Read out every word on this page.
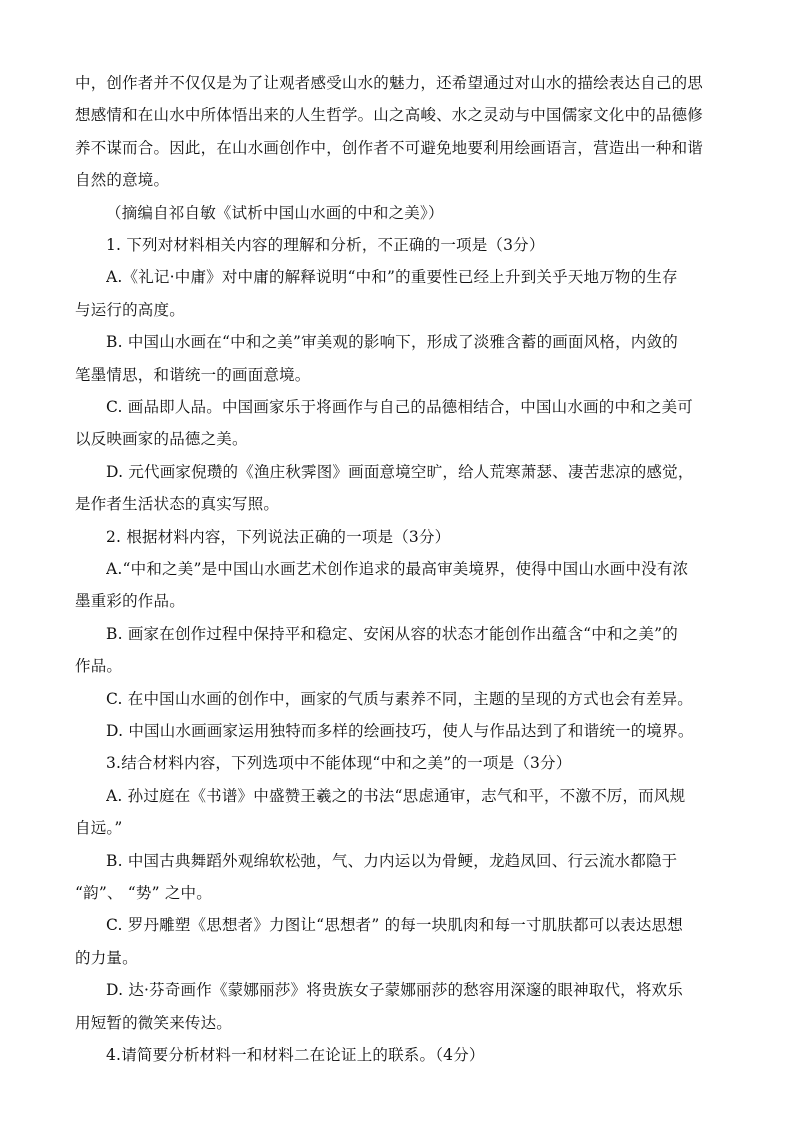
中，创作者并不仅仅是为了让观者感受山水的魅力，还希望通过对山水的描绘表达自己的思
想感情和在山水中所体悟出来的人生哲学。山之高峻、水之灵动与中国儒家文化中的品德修
养不谋而合。因此，在山水画创作中，创作者不可避免地要利用绘画语言，营造出一种和谐
自然的意境。
（摘编自祁自敏《试析中国山水画的中和之美》）
1. 下列对材料相关内容的理解和分析，不正确的一项是（3分）
A.《礼记·中庸》对中庸的解释说明“中和”的重要性已经上升到关乎天地万物的生存
与运行的高度。
B. 中国山水画在“中和之美”审美观的影响下，形成了淡雅含蓄的画面风格，内敛的
笔墨情思，和谐统一的画面意境。
C. 画品即人品。中国画家乐于将画作与自己的品德相结合，中国山水画的中和之美可
以反映画家的品德之美。
D. 元代画家倪瓒的《渔庄秋霁图》画面意境空旷，给人荒寒萧瑟、凄苦悲凉的感觉，
是作者生活状态的真实写照。
2. 根据材料内容，下列说法正确的一项是（3分）
A.“中和之美”是中国山水画艺术创作追求的最高审美境界，使得中国山水画中没有浓
墨重彩的作品。
B. 画家在创作过程中保持平和稳定、安闲从容的状态才能创作出蕴含“中和之美”的
作品。
C. 在中国山水画的创作中，画家的气质与素养不同，主题的呈现的方式也会有差异。
D. 中国山水画画家运用独特而多样的绘画技巧，使人与作品达到了和谐统一的境界。
3.结合材料内容，下列选项中不能体现“中和之美”的一项是（3分）
A. 孙过庭在《书谱》中盛赞王羲之的书法“思虑通审，志气和平，不激不厉，而风规
自远。”
B. 中国古典舞蹈外观绵软松弛，气、力内运以为骨鲠，龙趋凤回、行云流水都隐于
“韵”、 “势” 之中。
C. 罗丹雕塑《思想者》力图让“思想者” 的每一块肌肉和每一寸肌肤都可以表达思想
的力量。
D. 达·芬奇画作《蒙娜丽莎》将贵族女子蒙娜丽莎的愁容用深邃的眼神取代，将欢乐
用短暂的微笑来传达。
4.请简要分析材料一和材料二在论证上的联系。（4分）
